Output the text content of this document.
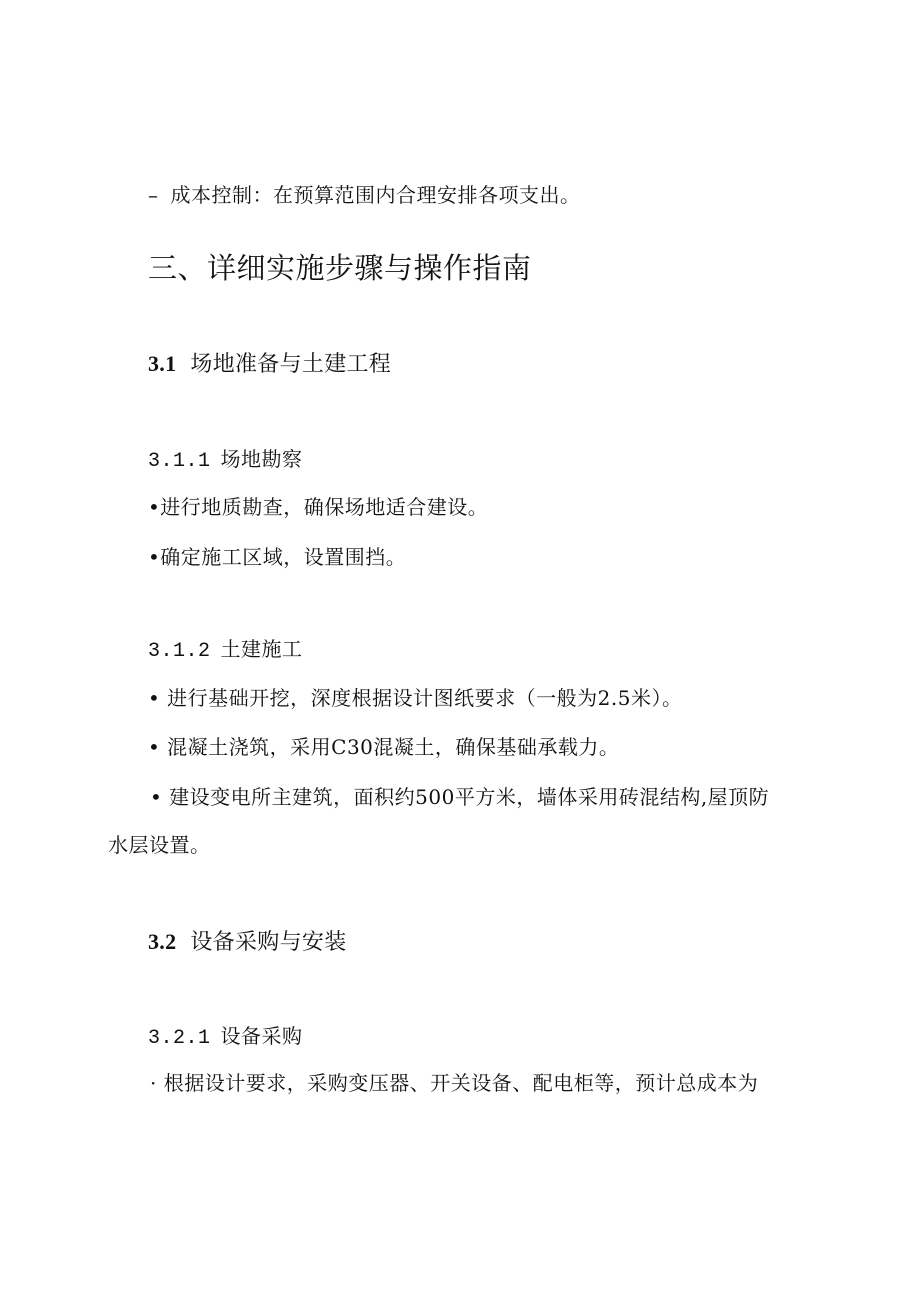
– 成本控制：在预算范围内合理安排各项支出。
三、详细实施步骤与操作指南
3.1 场地准备与土建工程
3.1.1 场地勘察
•进行地质勘查，确保场地适合建设。
•确定施工区域，设置围挡。
3.1.2 土建施工
• 进行基础开挖，深度根据设计图纸要求（一般为2.5米）。
• 混凝土浇筑，采用C30混凝土，确保基础承载力。
• 建设变电所主建筑，面积约500平方米，墙体采用砖混结构,屋顶防
水层设置。
3.2 设备采购与安装
3.2.1 设备采购
· 根据设计要求，采购变压器、开关设备、配电柜等，预计总成本为
